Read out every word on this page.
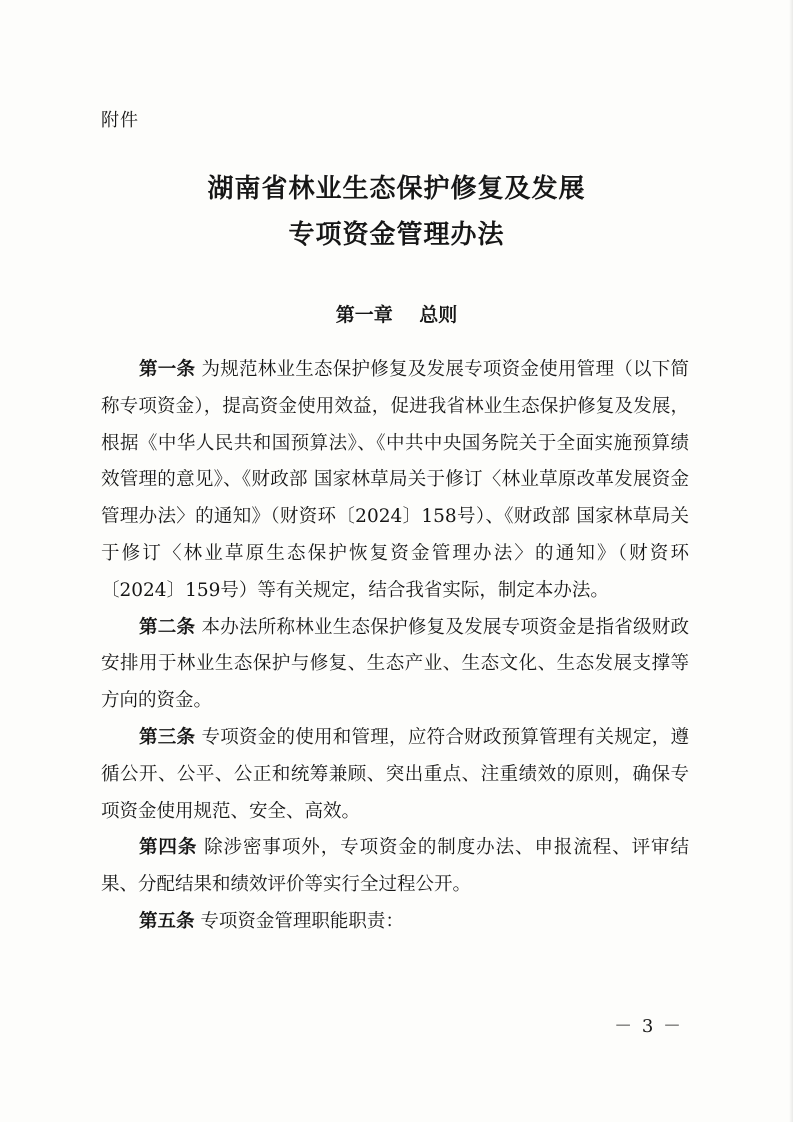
附件
湖南省林业生态保护修复及发展
专项资金管理办法
第一章    总则

第一条 为规范林业生态保护修复及发展专项资金使用管理（以下简称专项资金），提高资金使用效益，促进我省林业生态保护修复及发展，根据《中华人民共和国预算法》、《中共中央国务院关于全面实施预算绩效管理的意见》、《财政部 国家林草局关于修订〈林业草原改革发展资金管理办法〉的通知》（财资环〔2024〕158号）、《财政部 国家林草局关于修订〈林业草原生态保护恢复资金管理办法〉的通知》（财资环〔2024〕159号）等有关规定，结合我省实际，制定本办法。

第二条 本办法所称林业生态保护修复及发展专项资金是指省级财政安排用于林业生态保护与修复、生态产业、生态文化、生态发展支撑等方向的资金。

第三条 专项资金的使用和管理，应符合财政预算管理有关规定，遵循公开、公平、公正和统筹兼顾、突出重点、注重绩效的原则，确保专项资金使用规范、安全、高效。

第四条 除涉密事项外，专项资金的制度办法、申报流程、评审结果、分配结果和绩效评价等实行全过程公开。

第五条 专项资金管理职能职责：

－ 3 －
